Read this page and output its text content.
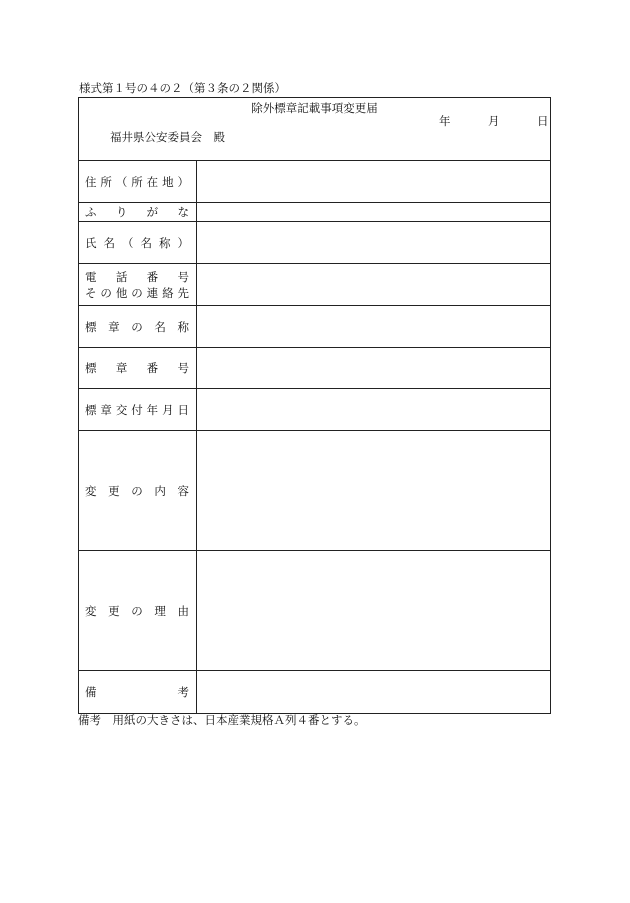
様式第１号の４の２（第３条の２関係）
除外標章記載事項変更届
年	月	日
福井県公安委員会　殿
住所（所在地）
ふりがな
氏名（名称）
電話番号
その他の連絡先
標章の名称
標章番号
標章交付年月日
変更の内容
変更の理由
備考
備考　用紙の大きさは、日本産業規格Ａ列４番とする。
